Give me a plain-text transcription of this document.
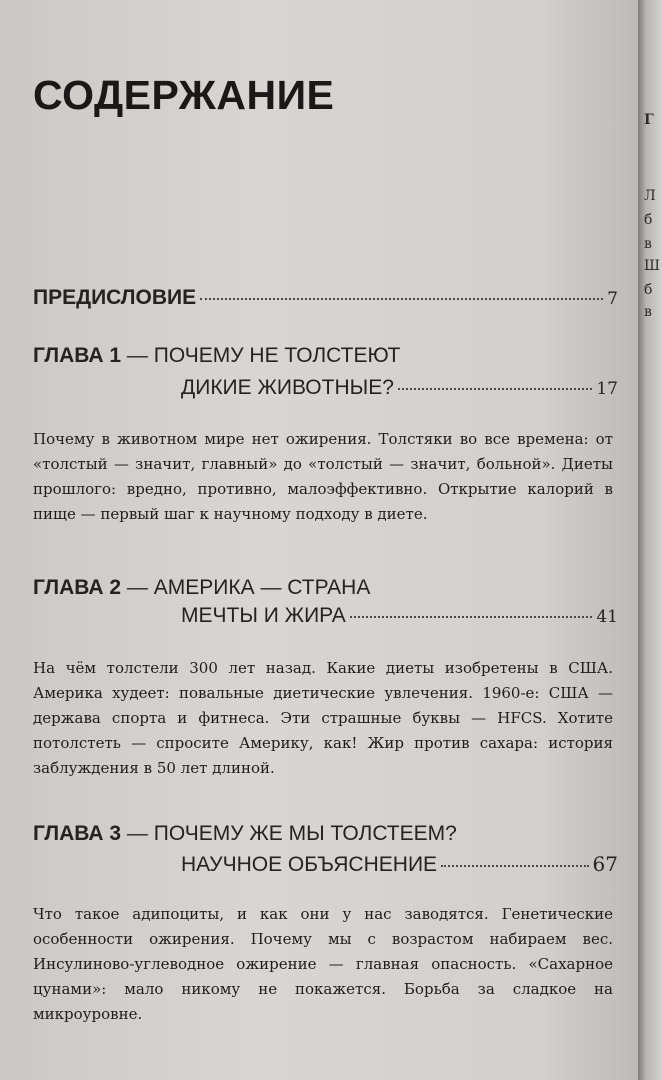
СОДЕРЖАНИЕ
ПРЕДИСЛОВИЕ	7
ГЛАВА 1 — ПОЧЕМУ НЕ ТОЛСТЕЮТ
ДИКИЕ ЖИВОТНЫЕ?	17

Почему в животном мире нет ожирения. Толстяки во все времена: от «толстый — значит, главный» до «толстый — значит, больной». Диеты прошлого: вредно, противно, малоэффективно. Открытие калорий в пище — первый шаг к научному подходу в диете.

ГЛАВА 2 — АМЕРИКА — СТРАНА
МЕЧТЫ И ЖИРА	41

На чём толстели 300 лет назад. Какие диеты изобретены в США. Америка худеет: повальные диетические увлечения. 1960-е: США — держава спорта и фитнеса. Эти страшные буквы — HFCS. Хотите потолстеть — спросите Америку, как! Жир против сахара: история заблуждения в 50 лет длиной.

ГЛАВА 3 — ПОЧЕМУ ЖЕ МЫ ТОЛСТЕЕМ?
НАУЧНОЕ ОБЪЯСНЕНИЕ	67

Что такое адипоциты, и как они у нас заводятся. Генетические особенности ожирения. Почему мы с возрастом набираем вес. Инсулиново-углеводное ожирение — главная опасность. «Сахарное цунами»: мало никому не покажется. Борьба за сладкое на микроуровне.

Г
Л
б
в
Ш
б
в
